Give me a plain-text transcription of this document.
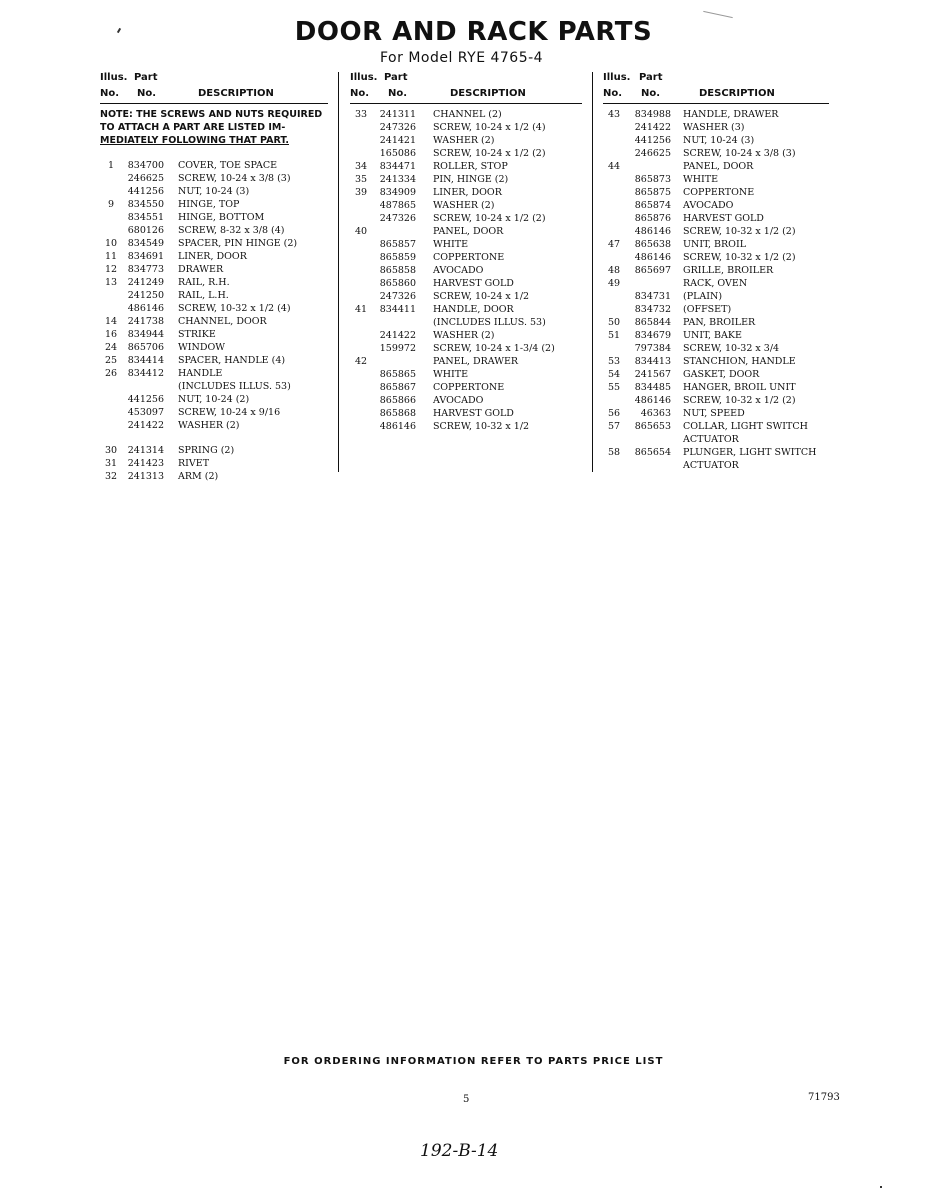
DOOR AND RACK PARTS
For Model RYE 4765-4
Illus. Part
No. No.	DESCRIPTION
NOTE: THE SCREWS AND NUTS REQUIRED
TO ATTACH A PART ARE LISTED IM-
MEDIATELY FOLLOWING THAT PART.
1	834700 COVER, TOE SPACE
246625 SCREW, 10-24 x 3/8 (3)
441256 NUT, 10-24 (3)
9	834550 HINGE, TOP
834551 HINGE, BOTTOM
680126 SCREW, 8-32 x 3/8 (4)
10	834549 SPACER, PIN HINGE (2)
11	834691 LINER, DOOR
12	834773 DRAWER
13	241249 RAIL, R.H.
241250 RAIL, L.H.
486146 SCREW, 10-32 x 1/2 (4)
14	241738 CHANNEL, DOOR
16	834944 STRIKE
24	865706 WINDOW
25	834414 SPACER, HANDLE (4)
26	834412 HANDLE
(INCLUDES ILLUS. 53)
441256 NUT, 10-24 (2)
453097 SCREW, 10-24 x 9/16
241422 WASHER (2)
30	241314 SPRING (2)
31	241423 RIVET
32	241313 ARM (2)
Illus. Part
No. No.	DESCRIPTION
33	241311 CHANNEL (2)
247326 SCREW, 10-24 x 1/2 (4)
241421 WASHER (2)
165086 SCREW, 10-24 x 1/2 (2)
34	834471 ROLLER, STOP
35	241334 PIN, HINGE (2)
39	834909 LINER, DOOR
487865 WASHER (2)
247326 SCREW, 10-24 x 1/2 (2)
40	PANEL, DOOR
865857 WHITE
865859 COPPERTONE
865858 AVOCADO
865860 HARVEST GOLD
247326 SCREW, 10-24 x 1/2
41	834411 HANDLE, DOOR
(INCLUDES ILLUS. 53)
241422 WASHER (2)
159972 SCREW, 10-24 x 1-3/4 (2)
42	PANEL, DRAWER
865865 WHITE
865867 COPPERTONE
865866 AVOCADO
865868 HARVEST GOLD
486146 SCREW, 10-32 x 1/2
Illus. Part
No. No.	DESCRIPTION
43	834988 HANDLE, DRAWER
241422 WASHER (3)
441256 NUT, 10-24 (3)
246625 SCREW, 10-24 x 3/8 (3)
44	PANEL, DOOR
865873 WHITE
865875 COPPERTONE
865874 AVOCADO
865876 HARVEST GOLD
486146 SCREW, 10-32 x 1/2 (2)
47	865638 UNIT, BROIL
486146 SCREW, 10-32 x 1/2 (2)
48	865697 GRILLE, BROILER
49	RACK, OVEN
834731 (PLAIN)
834732 (OFFSET)
50	865844 PAN, BROILER
51	834679 UNIT, BAKE
797384 SCREW, 10-32 x 3/4
53	834413 STANCHION, HANDLE
54	241567 GASKET, DOOR
55	834485 HANGER, BROIL UNIT
486146 SCREW, 10-32 x 1/2 (2)
56	46363 NUT, SPEED
57	865653 COLLAR, LIGHT SWITCH
ACTUATOR
58	865654 PLUNGER, LIGHT SWITCH
ACTUATOR
FOR ORDERING INFORMATION REFER TO PARTS PRICE LIST
5	71793
192-B-14
